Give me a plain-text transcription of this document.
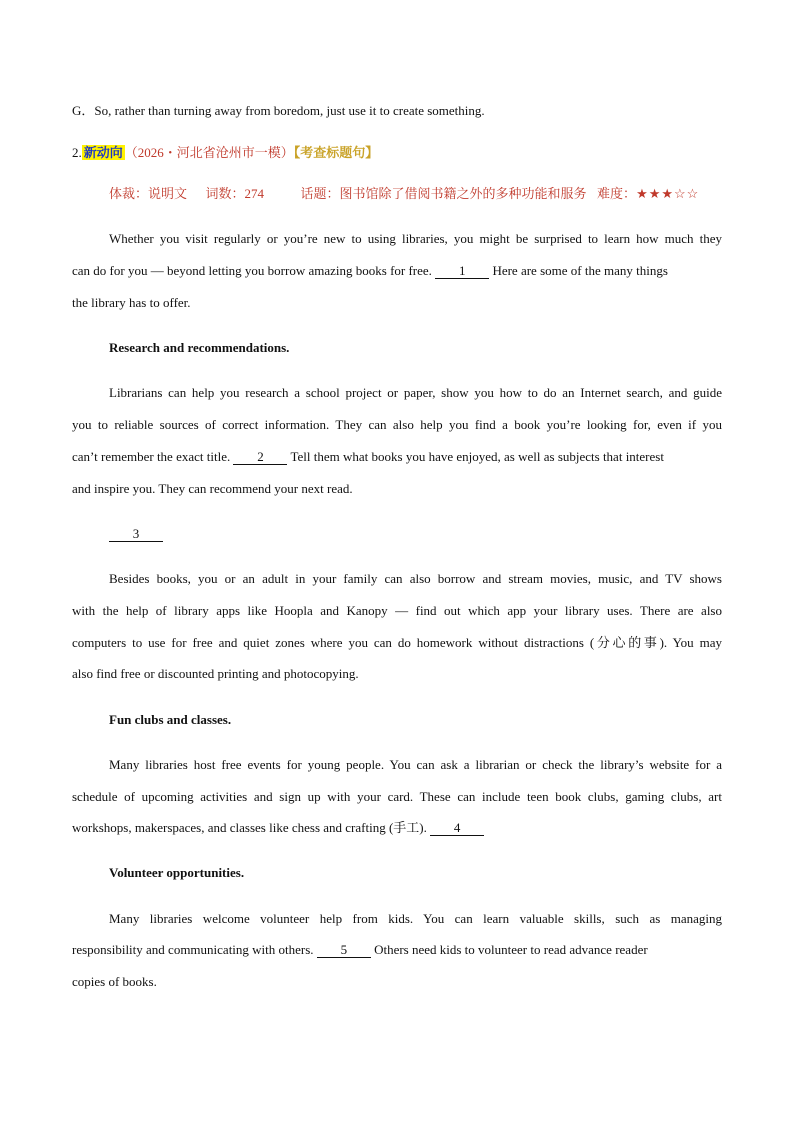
G．So, rather than turning away from boredom, just use it to create something.
2. 新动向 （2026・河北省沧州市一模）【考查标题句】
体裁：说明文 词数：274	话题：图书馆除了借阅书籍之外的多种功能和服务 难度：★★★☆☆
Whether you visit regularly or you’re new to using libraries, you might be surprised to learn how much they
can do for you — beyond letting you borrow amazing books for free. 1 Here are some of the many things
the library has to offer.
Research and recommendations.
Librarians can help you research a school project or paper, show you how to do an Internet search, and guide
you to reliable sources of correct information. They can also help you find a book you’re looking for, even if you
can’t remember the exact title. 2 Tell them what books you have enjoyed, as well as subjects that interest
and inspire you. They can recommend your next read.
3
Besides books, you or an adult in your family can also borrow and stream movies, music, and TV shows
with the help of library apps like Hoopla and Kanopy — find out which app your library uses. There are also
computers to use for free and quiet zones where you can do homework without distractions (分心的事). You may
also find free or discounted printing and photocopying.
Fun clubs and classes.
Many libraries host free events for young people. You can ask a librarian or check the library’s website for a
schedule of upcoming activities and sign up with your card. These can include teen book clubs, gaming clubs, art
workshops, makerspaces, and classes like chess and crafting (手工). 4
Volunteer opportunities.
Many libraries welcome volunteer help from kids. You can learn valuable skills, such as managing
responsibility and communicating with others. 5 Others need kids to volunteer to read advance reader
copies of books.
